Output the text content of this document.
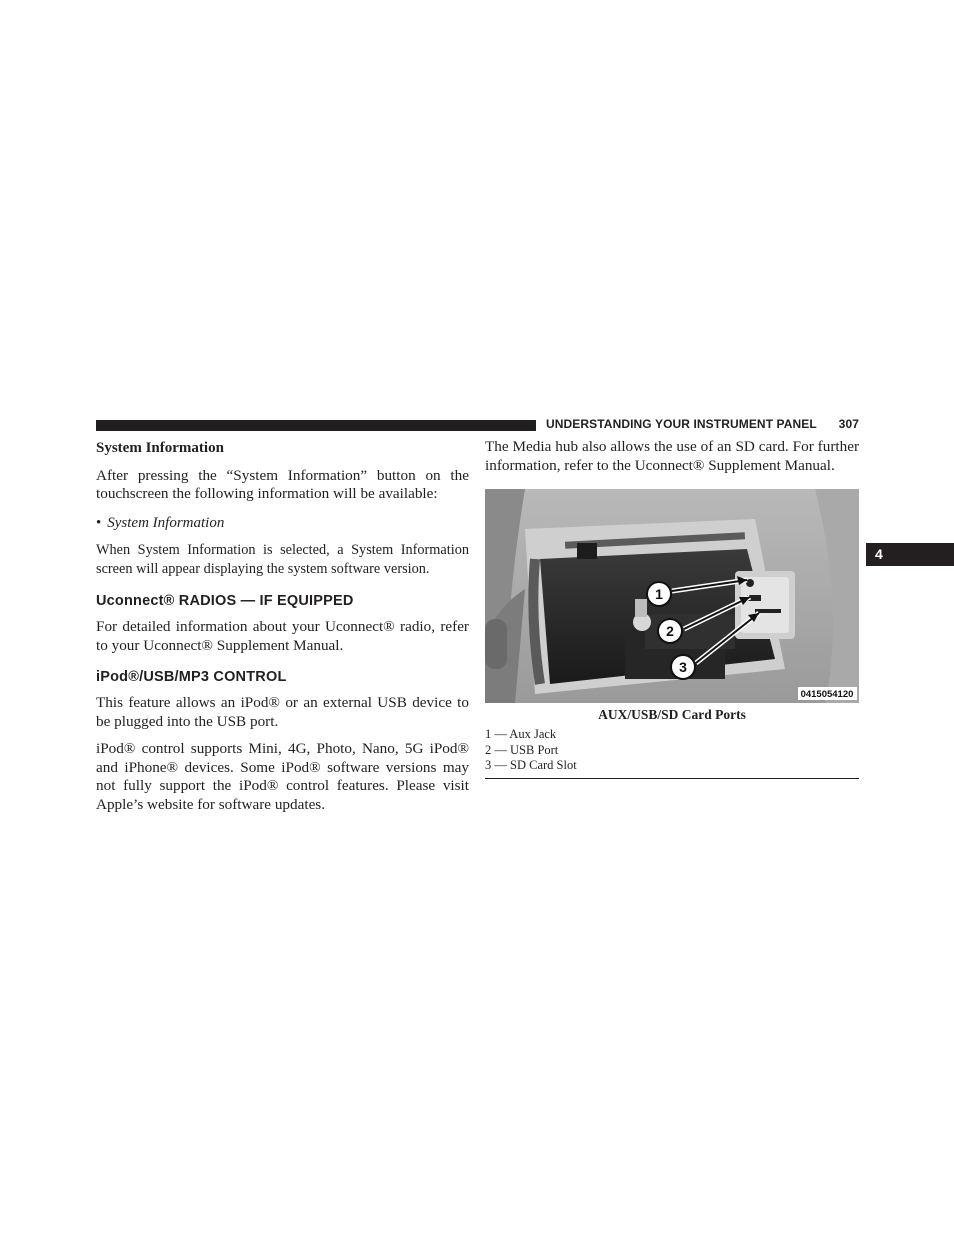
UNDERSTANDING YOUR INSTRUMENT PANEL 307
4

System Information

After pressing the “System Information” button on the touchscreen the following information will be available:

• System Information

When System Information is selected, a System Information screen will appear displaying the system software version.

Uconnect® RADIOS — IF EQUIPPED

For detailed information about your Uconnect® radio, refer to your Uconnect® Supplement Manual.

iPod®/USB/MP3 CONTROL

This feature allows an iPod® or an external USB device to be plugged into the USB port.

iPod® control supports Mini, 4G, Photo, Nano, 5G iPod® and iPhone® devices. Some iPod® software versions may not fully support the iPod® control features. Please visit Apple’s website for software updates.

The Media hub also allows the use of an SD card. For further information, refer to the Uconnect® Supplement Manual.

1
2
3
0415054120
AUX/USB/SD Card Ports
1 — Aux Jack
2 — USB Port
3 — SD Card Slot
